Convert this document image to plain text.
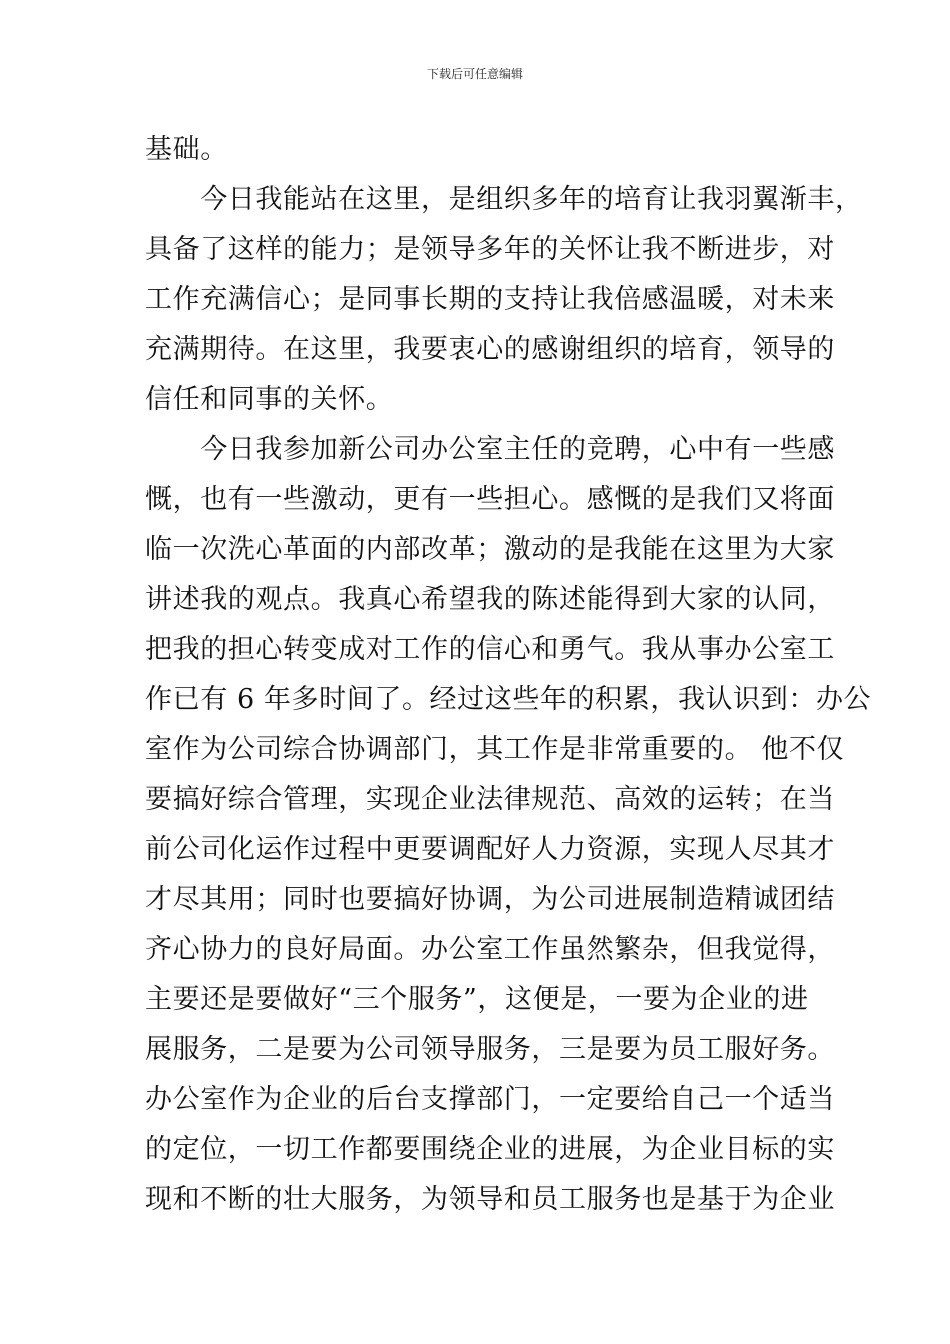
下载后可任意编辑
基础。
　　今日我能站在这里，是组织多年的培育让我羽翼渐丰，
具备了这样的能力；是领导多年的关怀让我不断进步，对
工作充满信心；是同事长期的支持让我倍感温暖，对未来
充满期待。在这里，我要衷心的感谢组织的培育，领导的
信任和同事的关怀。
　　今日我参加新公司办公室主任的竞聘，心中有一些感
慨，也有一些激动，更有一些担心。感慨的是我们又将面
临一次洗心革面的内部改革；激动的是我能在这里为大家
讲述我的观点。我真心希望我的陈述能得到大家的认同，
把我的担心转变成对工作的信心和勇气。我从事办公室工
作已有 6 年多时间了。经过这些年的积累，我认识到：办公
室作为公司综合协调部门，其工作是非常重要的。 他不仅
要搞好综合管理，实现企业法律规范、高效的运转；在当
前公司化运作过程中更要调配好人力资源，实现人尽其才
才尽其用；同时也要搞好协调，为公司进展制造精诚团结
齐心协力的良好局面。办公室工作虽然繁杂，但我觉得，
主要还是要做好“三个服务”，这便是，一要为企业的进
展服务，二是要为公司领导服务，三是要为员工服好务。
办公室作为企业的后台支撑部门，一定要给自己一个适当
的定位，一切工作都要围绕企业的进展，为企业目标的实
现和不断的壮大服务，为领导和员工服务也是基于为企业
